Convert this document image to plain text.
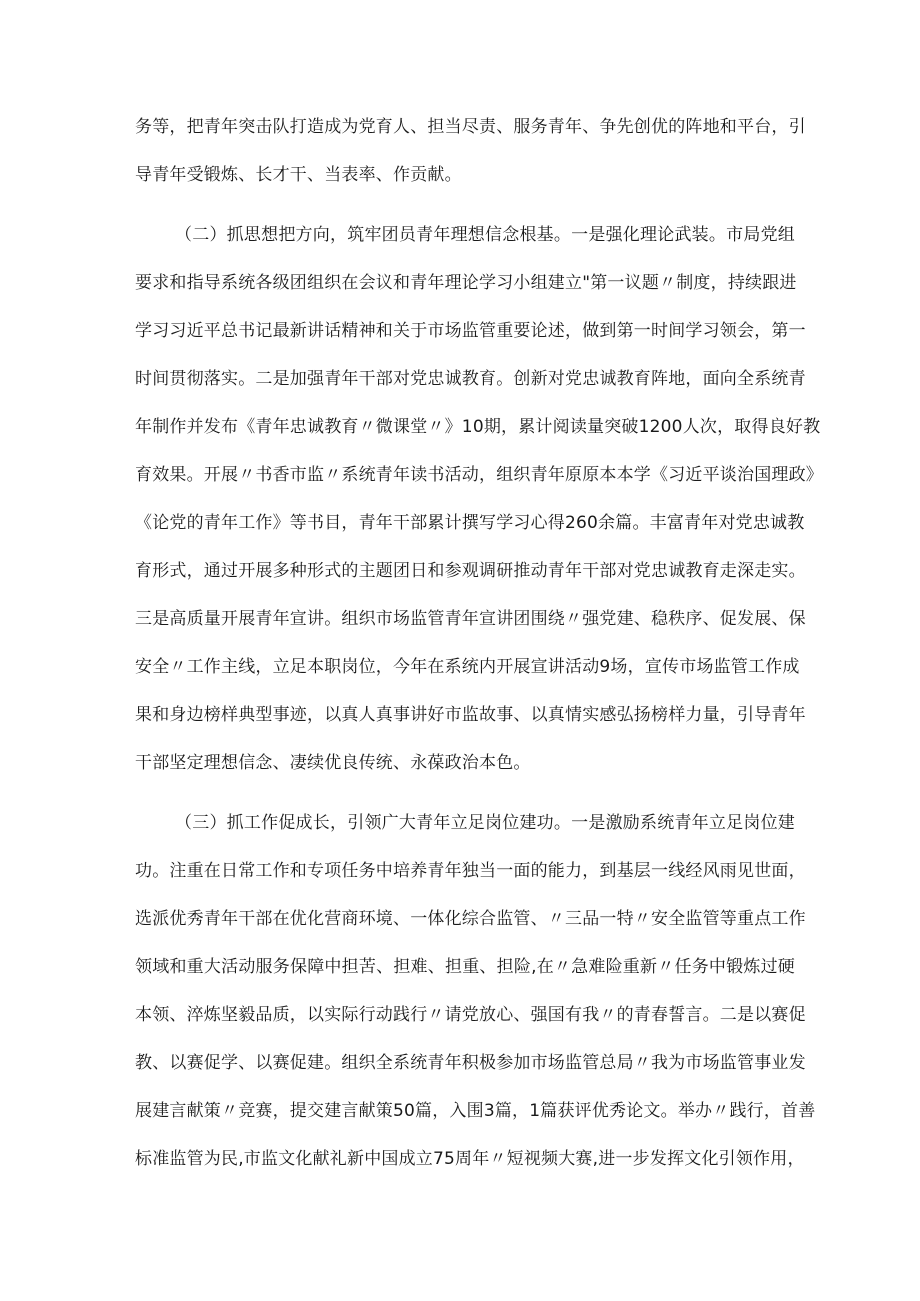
务等，把青年突击队打造成为党育人、担当尽责、服务青年、争先创优的阵地和平台，引
导青年受锻炼、长才干、当表率、作贡献。
（二）抓思想把方向，筑牢团员青年理想信念根基。一是强化理论武装。市局党组
要求和指导系统各级团组织在会议和青年理论学习小组建立"第一议题〃制度，持续跟进
学习习近平总书记最新讲话精神和关于市场监管重要论述，做到第一时间学习领会，第一
时间贯彻落实。二是加强青年干部对党忠诚教育。创新对党忠诚教育阵地，面向全系统青
年制作并发布《青年忠诚教育〃微课堂〃》10期，累计阅读量突破1200人次，取得良好教
育效果。开展〃书香市监〃系统青年读书活动，组织青年原原本本学《习近平谈治国理政》
《论党的青年工作》等书目，青年干部累计撰写学习心得260余篇。丰富青年对党忠诚教
育形式，通过开展多种形式的主题团日和参观调研推动青年干部对党忠诚教育走深走实。
三是高质量开展青年宣讲。组织市场监管青年宣讲团围绕〃强党建、稳秩序、促发展、保
安全〃工作主线，立足本职岗位，今年在系统内开展宣讲活动9场，宣传市场监管工作成
果和身边榜样典型事迹，以真人真事讲好市监故事、以真情实感弘扬榜样力量，引导青年
干部坚定理想信念、凄续优良传统、永葆政治本色。
（三）抓工作促成长，引领广大青年立足岗位建功。一是激励系统青年立足岗位建
功。注重在日常工作和专项任务中培养青年独当一面的能力，到基层一线经风雨见世面，
选派优秀青年干部在优化营商环境、一体化综合监管、〃三品一特〃安全监管等重点工作
领域和重大活动服务保障中担苦、担难、担重、担险,在〃急难险重新〃任务中锻炼过硬
本领、淬炼坚毅品质，以实际行动践行〃请党放心、强国有我〃的青春誓言。二是以赛促
教、以赛促学、以赛促建。组织全系统青年积极参加市场监管总局〃我为市场监管事业发
展建言献策〃竞赛，提交建言献策50篇，入围3篇，1篇获评优秀论文。举办〃践行，首善
标准监管为民,市监文化献礼新中国成立75周年〃短视频大赛,进一步发挥文化引领作用，
